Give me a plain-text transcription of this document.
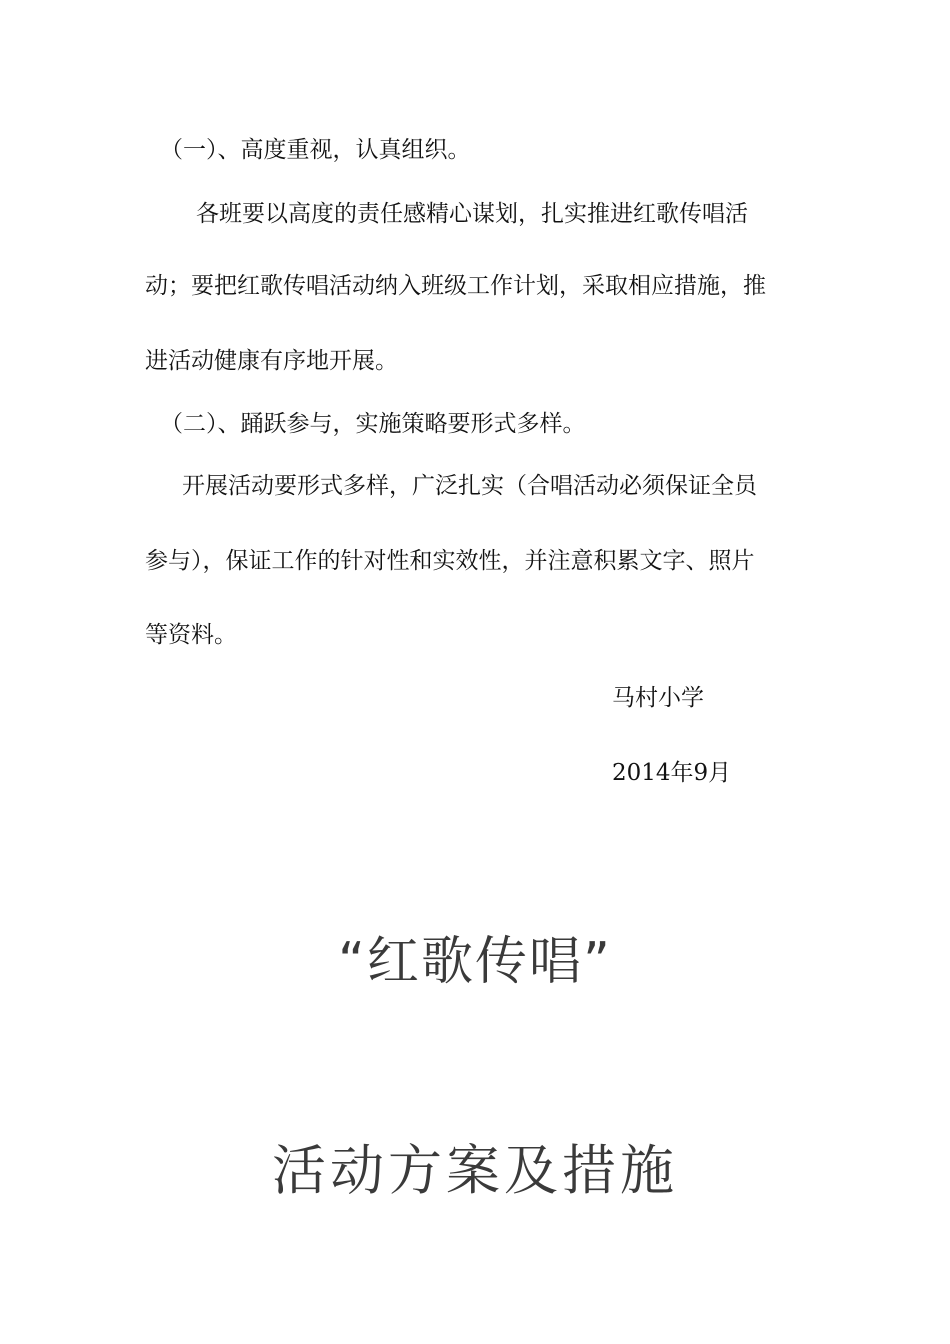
（一）、高度重视，认真组织。

各班要以高度的责任感精心谋划，扎实推进红歌传唱活

动；要把红歌传唱活动纳入班级工作计划，采取相应措施，推

进活动健康有序地开展。

（二）、踊跃参与，实施策略要形式多样。

开展活动要形式多样，广泛扎实（合唱活动必须保证全员

参与），保证工作的针对性和实效性，并注意积累文字、照片

等资料。

马村小学

2014年9月

“红歌传唱”
活动方案及措施
